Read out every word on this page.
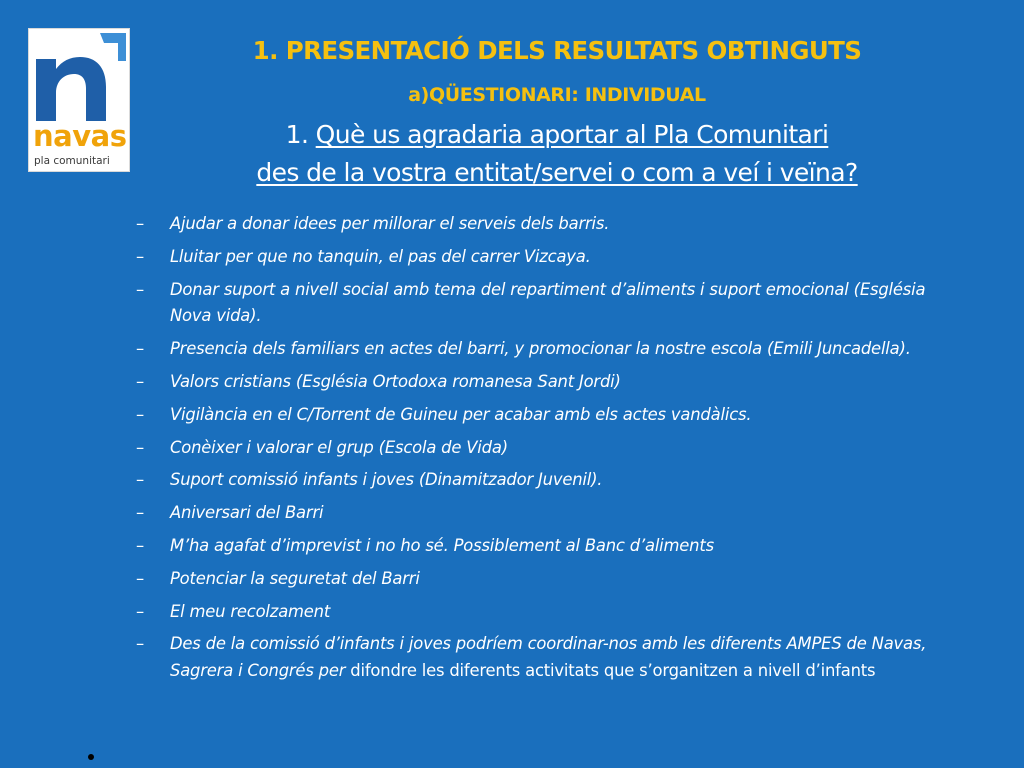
navas
pla comunitari
1. PRESENTACIÓ DELS RESULTATS OBTINGUTS
a)QÜESTIONARI: INDIVIDUAL
1. Què us agradaria aportar al Pla Comunitari
des de la vostra entitat/servei o com a veí i veïna?
– Ajudar a donar idees per millorar el serveis dels barris.
– Lluitar per que no tanquin, el pas del carrer Vizcaya.
– Donar suport a nivell social amb tema del repartiment d’aliments i suport emocional (Església Nova vida).
– Presencia dels familiars en actes del barri, y promocionar la nostre escola (Emili Juncadella).
– Valors cristians (Església Ortodoxa romanesa Sant Jordi)
– Vigilància en el C/Torrent de Guineu per acabar amb els actes vandàlics.
– Conèixer i valorar el grup (Escola de Vida)
– Suport comissió infants i joves (Dinamitzador Juvenil).
– Aniversari del Barri
– M’ha agafat d’imprevist i no ho sé. Possiblement al Banc d’aliments
– Potenciar la seguretat del Barri
– El meu recolzament
– Des de la comissió d’infants i joves podríem coordinar-nos amb les diferents AMPES de Navas, Sagrera i Congrés per difondre les diferents activitats que s’organitzen a nivell d’infants
